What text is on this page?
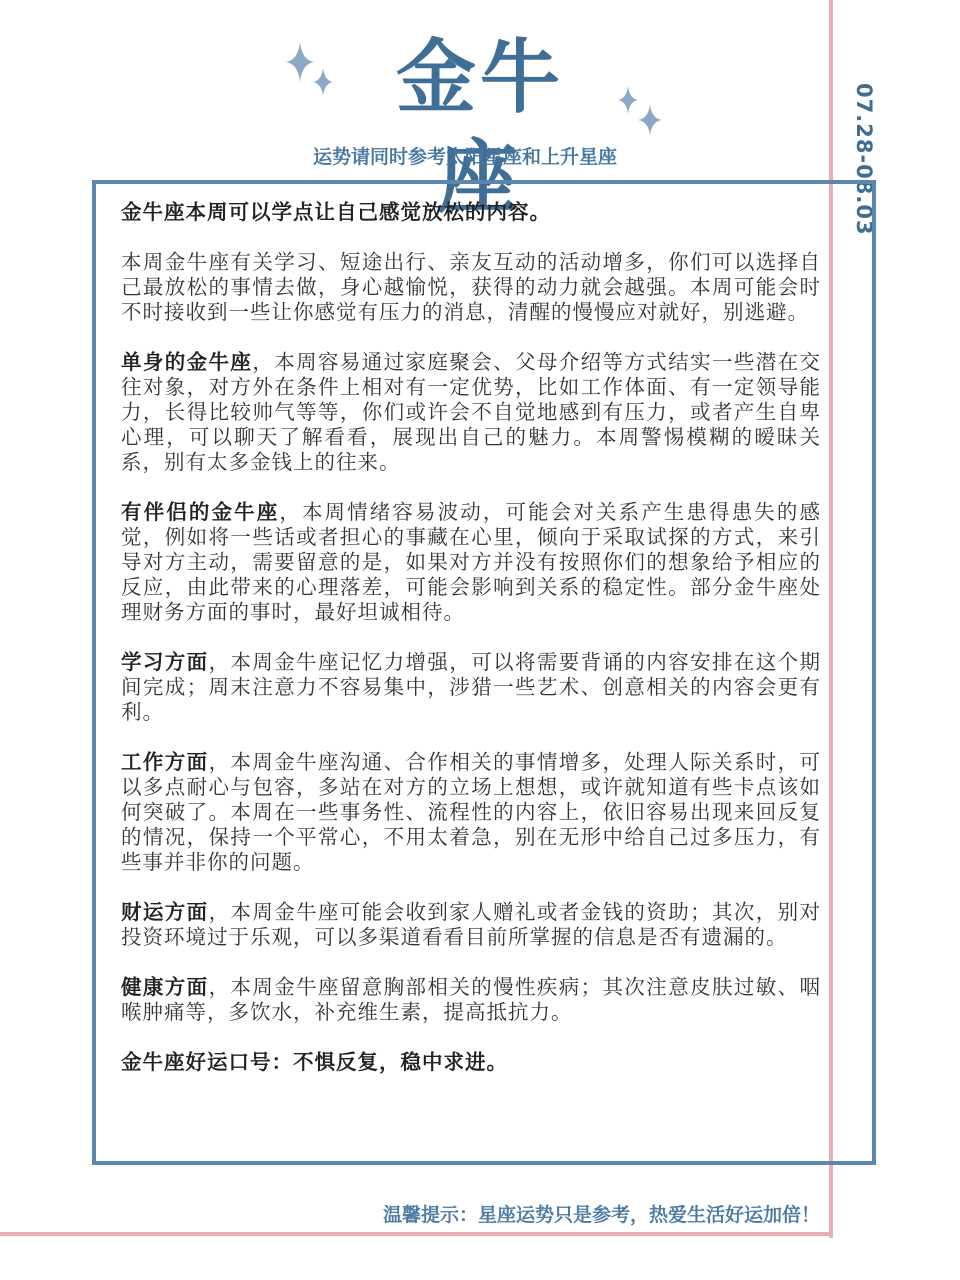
07.28-08.03
金牛座
运势请同时参考太阳星座和上升星座

金牛座本周可以学点让自己感觉放松的内容。

本周金牛座有关学习、短途出行、亲友互动的活动增多，你们可以选择自己最放松的事情去做，身心越愉悦，获得的动力就会越强。本周可能会时不时接收到一些让你感觉有压力的消息，清醒的慢慢应对就好，别逃避。

单身的金牛座，本周容易通过家庭聚会、父母介绍等方式结实一些潜在交往对象，对方外在条件上相对有一定优势，比如工作体面、有一定领导能力，长得比较帅气等等，你们或许会不自觉地感到有压力，或者产生自卑心理，可以聊天了解看看，展现出自己的魅力。本周警惕模糊的暧昧关系，别有太多金钱上的往来。

有伴侣的金牛座，本周情绪容易波动，可能会对关系产生患得患失的感觉，例如将一些话或者担心的事藏在心里，倾向于采取试探的方式，来引导对方主动，需要留意的是，如果对方并没有按照你们的想象给予相应的反应，由此带来的心理落差，可能会影响到关系的稳定性。部分金牛座处理财务方面的事时，最好坦诚相待。

学习方面，本周金牛座记忆力增强，可以将需要背诵的内容安排在这个期间完成；周末注意力不容易集中，涉猎一些艺术、创意相关的内容会更有利。

工作方面，本周金牛座沟通、合作相关的事情增多，处理人际关系时，可以多点耐心与包容，多站在对方的立场上想想，或许就知道有些卡点该如何突破了。本周在一些事务性、流程性的内容上，依旧容易出现来回反复的情况，保持一个平常心，不用太着急，别在无形中给自己过多压力，有些事并非你的问题。

财运方面，本周金牛座可能会收到家人赠礼或者金钱的资助；其次，别对投资环境过于乐观，可以多渠道看看目前所掌握的信息是否有遗漏的。

健康方面，本周金牛座留意胸部相关的慢性疾病；其次注意皮肤过敏、咽喉肿痛等，多饮水，补充维生素，提高抵抗力。

金牛座好运口号：不惧反复，稳中求进。

温馨提示：星座运势只是参考，热爱生活好运加倍！
